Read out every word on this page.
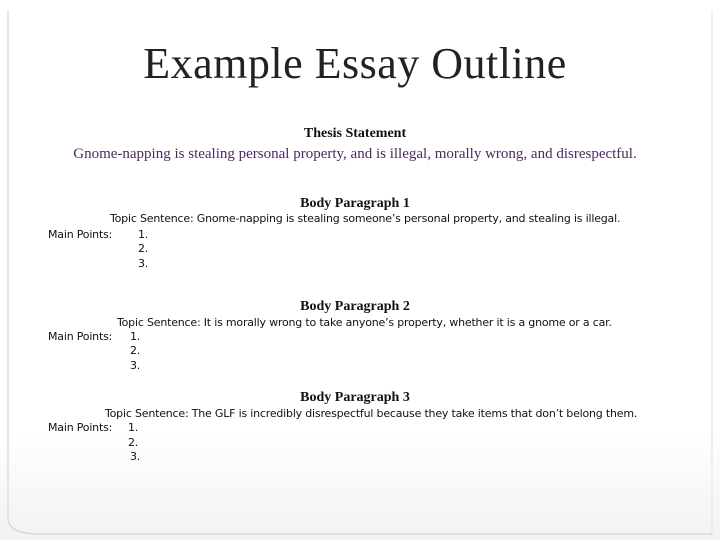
Example Essay Outline
Thesis Statement
Gnome-napping is stealing personal property, and is illegal, morally wrong, and disrespectful.
Body Paragraph 1
Topic Sentence: Gnome-napping is stealing someone’s personal property, and stealing is illegal.
Main Points: 1.
2.
3.
Body Paragraph 2
Topic Sentence: It is morally wrong to take anyone’s property, whether it is a gnome or a car.
Main Points: 1.
2.
3.
Body Paragraph 3
Topic Sentence: The GLF is incredibly disrespectful because they take items that don’t belong them.
Main Points: 1.
2.
3.
